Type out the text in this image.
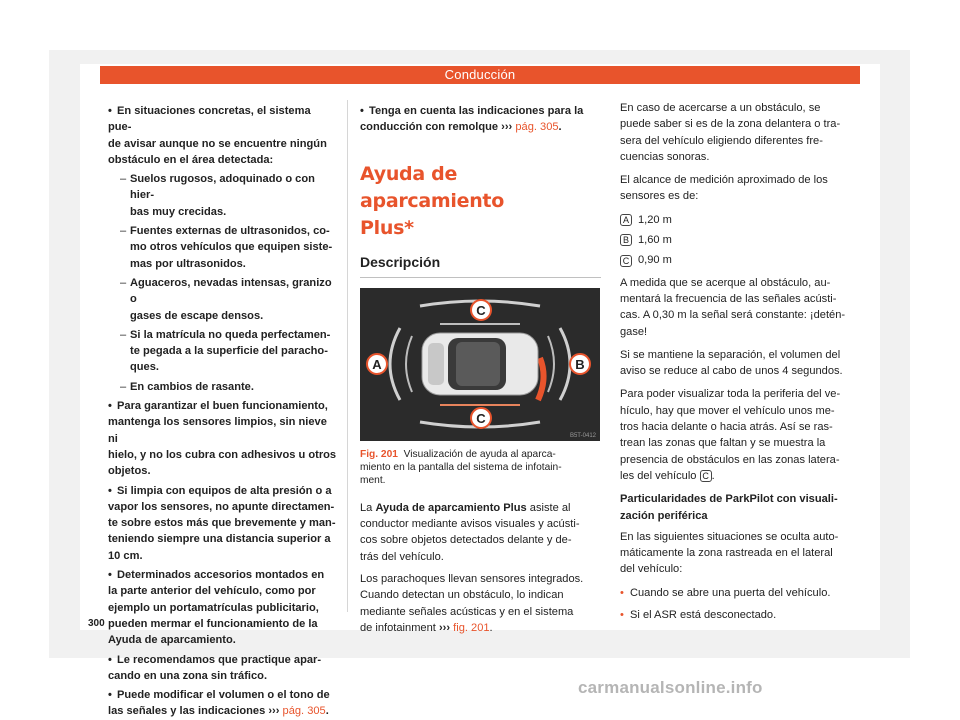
Conducción
• En situaciones concretas, el sistema pue-
de avisar aunque no se encuentre ningún
obstáculo en el área detectada:
– Suelos rugosos, adoquinado o con hier-
bas muy crecidas.
– Fuentes externas de ultrasonidos, co-
mo otros vehículos que equipen siste-
mas por ultrasonidos.
– Aguaceros, nevadas intensas, granizo o
gases de escape densos.
– Si la matrícula no queda perfectamen-
te pegada a la superficie del paracho-
ques.
– En cambios de rasante.
• Para garantizar el buen funcionamiento,
mantenga los sensores limpios, sin nieve ni
hielo, y no los cubra con adhesivos u otros
objetos.
• Si limpia con equipos de alta presión o a
vapor los sensores, no apunte directamen-
te sobre estos más que brevemente y man-
teniendo siempre una distancia superior a
10 cm.
• Determinados accesorios montados en
la parte anterior del vehículo, como por
ejemplo un portamatrículas publicitario,
pueden mermar el funcionamiento de la
Ayuda de aparcamiento.
• Le recomendamos que practique apar-
cando en una zona sin tráfico.
• Puede modificar el volumen o el tono de
las señales y las indicaciones ››› pág. 305.
300
• Tenga en cuenta las indicaciones para la
conducción con remolque ››› pág. 305.
Ayuda de aparcamiento
Plus*
Descripción
C
A	B
C
B5T-0412
Fig. 201 Visualización de ayuda al aparca-
miento en la pantalla del sistema de infotain-
ment.
La Ayuda de aparcamiento Plus asiste al
conductor mediante avisos visuales y acústi-
cos sobre objetos detectados delante y de-
trás del vehículo.
Los parachoques llevan sensores integrados.
Cuando detectan un obstáculo, lo indican
mediante señales acústicas y en el sistema
de infotainment ››› fig. 201.
En caso de acercarse a un obstáculo, se
puede saber si es de la zona delantera o tra-
sera del vehículo eligiendo diferentes fre-
cuencias sonoras.
El alcance de medición aproximado de los
sensores es de:
A 1,20 m
B 1,60 m
C 0,90 m
A medida que se acerque al obstáculo, au-
mentará la frecuencia de las señales acústi-
cas. A 0,30 m la señal será constante: ¡detén-
gase!
Si se mantiene la separación, el volumen del
aviso se reduce al cabo de unos 4 segundos.
Para poder visualizar toda la periferia del ve-
hículo, hay que mover el vehículo unos me-
tros hacia delante o hacia atrás. Así se ras-
trean las zonas que faltan y se muestra la
presencia de obstáculos en las zonas latera-
les del vehículo C .
Particularidades de ParkPilot con visuali-
zación periférica
En las siguientes situaciones se oculta auto-
máticamente la zona rastreada en el lateral
del vehículo:
• Cuando se abre una puerta del vehículo.
• Si el ASR está desconectado.
carmanualsonline.info
